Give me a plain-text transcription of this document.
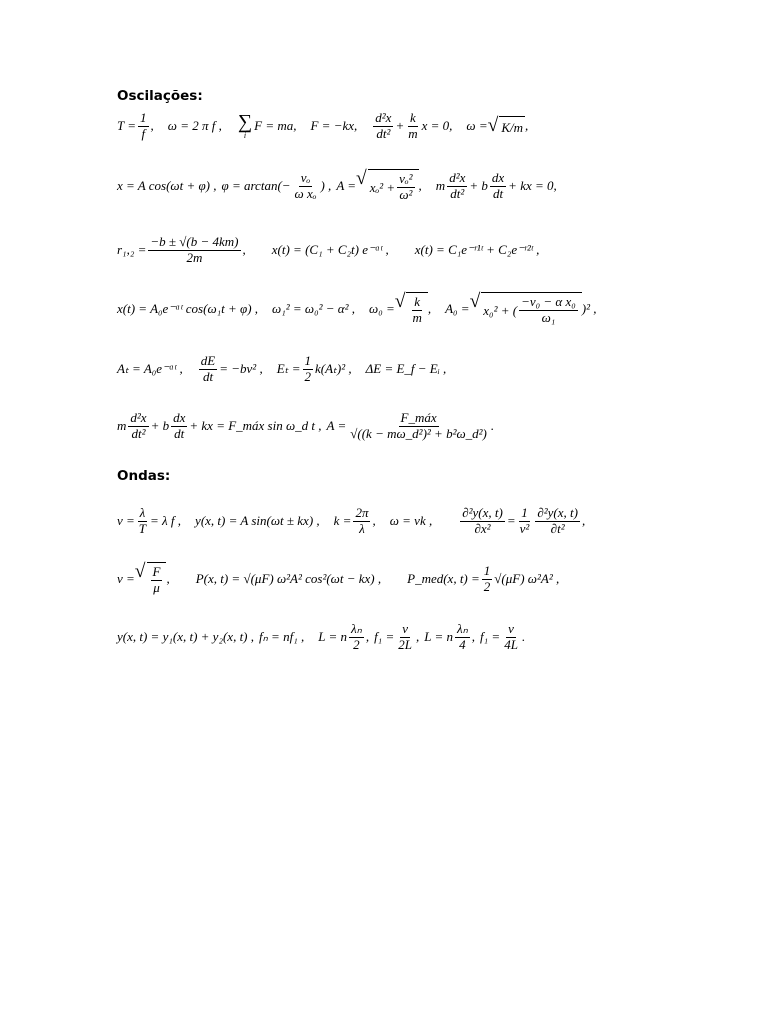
Oscilações:
$T = \frac{1}{f}$ , ω = 2 π f , ∑
i
F = ma, F = −kx, $\frac{\text{d²x}}{\text{dt²}} + \frac{k}{m}$ x = 0, ω = √ K/m ,
x = A cos(ωt + φ) , $\varphi = \arctan(- \frac{\text{vₒ}}{\text{ω xₒ}}$ ) , A = √ $x_o^2 + \frac{\text{vₒ²}}{\text{ω²}}$ , m $\frac{\text{d²x}}{\text{dt²}} + b \frac{dx}{dt}$ + kx = 0,
$r_1,_2 = \frac{-b \pm √(b - 4km)}{2m}$ , x(t) = (C₁ + C₂t) e⁻ᵅᵗ , x(t) = C₁e⁻ʳ¹ᵗ + C₂e⁻ʳ²ᵗ ,
x(t) = A₀e⁻ᵅᵗ cos(ω₁t + φ) , ω₁² = ω₀² − α² , ω₀ = √ $\frac{k}{m}$ , A₀ = √ x₀² + ( $\frac{\text{−v₀ − α x₀}}{\text{ω₁}} )^2$ ,
Aₜ = A₀e⁻ᵅᵗ , $\frac{dE}{dt} = -bv^2$ , $E_t = \frac{1}{2} k(A_t)^2$ , ΔE = E_f − Eᵢ ,
m $\frac{\text{d²x}}{\text{dt²}} + b \frac{dx}{dt}$ + kx = F_máx sin ω_d t , $A = \frac{\text{F\_máx}}{\text{√((k − mω\_d²)² + b²ω\_d²)}}$ .
Ondas:
$v = \frac{\lambda}{T} = \lambda$ f , y(x, t) = A sin(ωt ± kx) , $k = \frac{2\pi}{\lambda}$ , ω = vk , $\frac{\text{∂²y(x, t)}}{\text{∂x²}} = \frac{1}{\text{v²}} \frac{\text{∂²y(x, t)}}{\text{∂t²}}$ ,
v = √ $\frac{F}{\mu}$ , P(x, t) = √(μF) ω²A² cos²(ωt − kx) , P_med(x, $t) = \frac{1}{2} √(\mu F)$ ω²A² ,
y(x, t) = y₁(x, t) + y₂(x, t) , fₙ = nf₁ , L = n $\frac{\text{λₙ}}{2}$ , $f_1 = \frac{v}{2L}$ , L = n $\frac{\text{λₙ}}{4}$ , $f_1 = \frac{v}{4L}$ .
